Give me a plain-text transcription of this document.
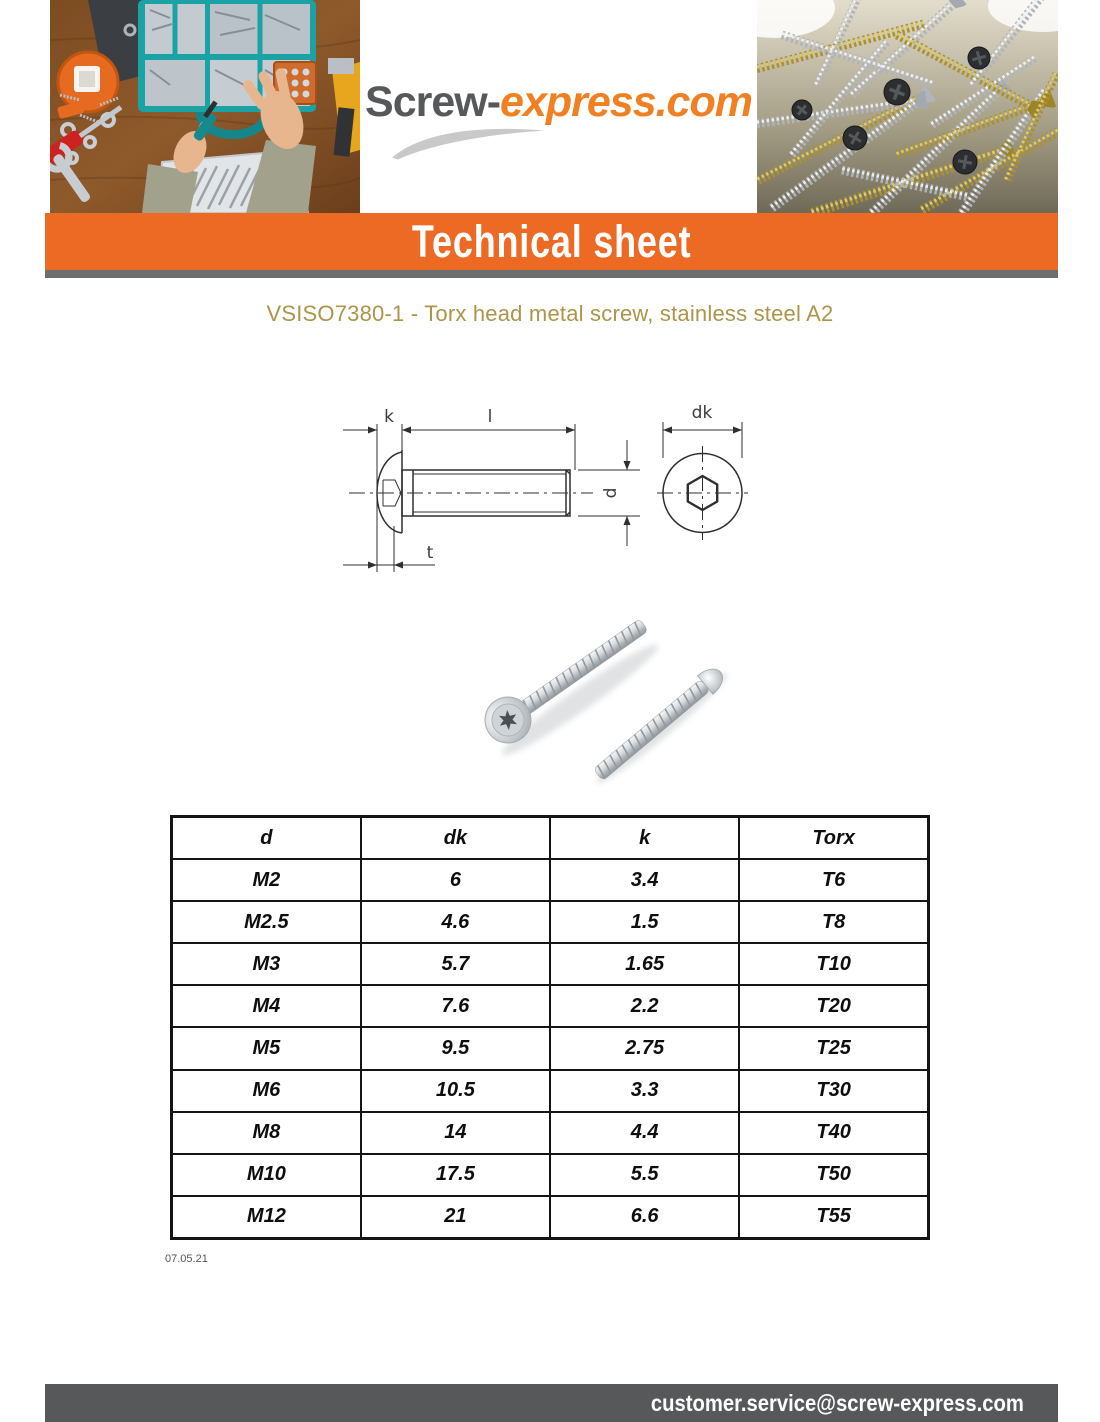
Screw-express.com
Technical sheet
VSISO7380-1 - Torx head metal screw, stainless steel A2
k	l
t
d
dk
d	dk	k	Torx
M2	6	3.4	T6
M2.5	4.6	1.5	T8
M3	5.7	1.65	T10
M4	7.6	2.2	T20
M5	9.5	2.75	T25
M6	10.5	3.3	T30
M8	14	4.4	T40
M10	17.5	5.5	T50
M12	21	6.6	T55
07.05.21
customer.service@screw-express.com
